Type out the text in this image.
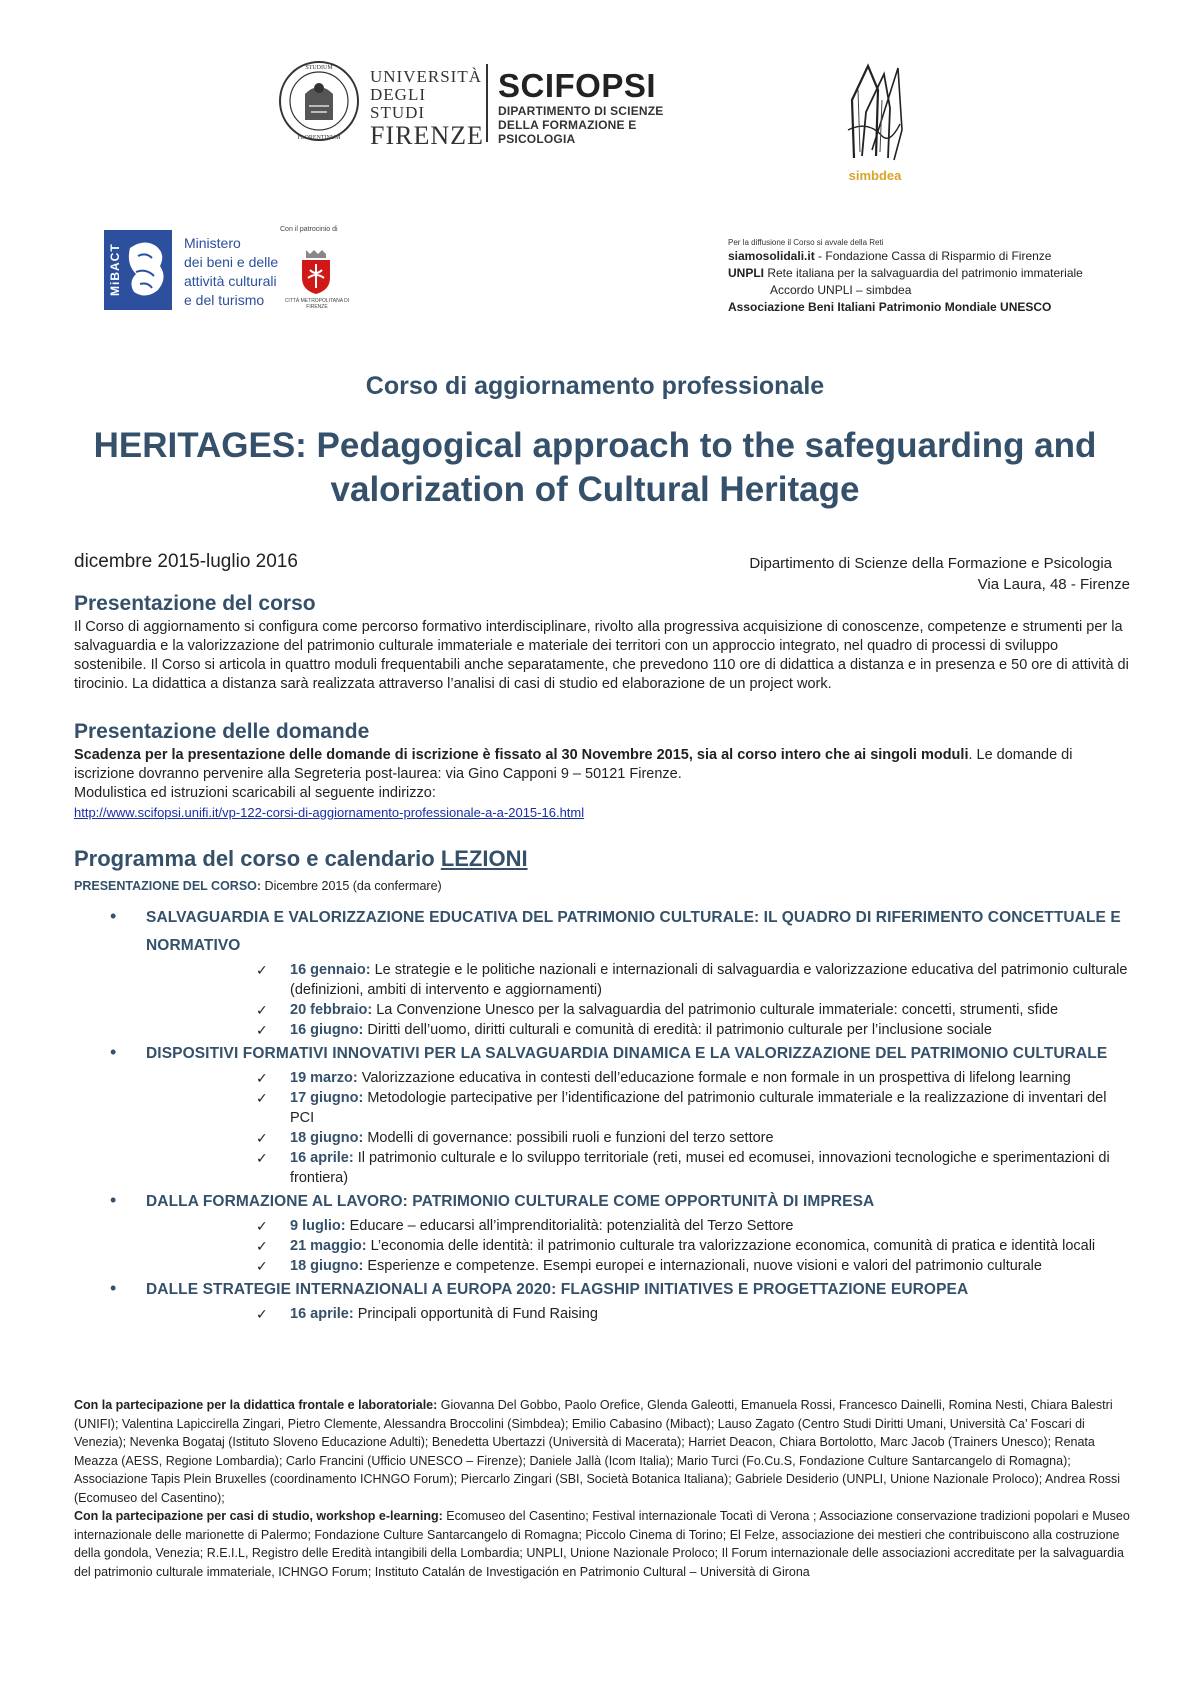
STUDIUM
FLORENTINUM
UNIVERSITÀ
DEGLI STUDI
FIRENZE
SCIFOPSI
DIPARTIMENTO DI SCIENZE
DELLA FORMAZIONE E PSICOLOGIA
simbdea
MiBACT
Ministero
dei beni e delle
attività culturali
e del turismo
Con il patrocinio di
CITTÀ METROPOLITANA DI FIRENZE
Per la diffusione il Corso si avvale della Reti
siamosolidali.it - Fondazione Cassa di Risparmio di Firenze
UNPLI Rete italiana per la salvaguardia del patrimonio immateriale
Accordo UNPLI – simbdea
Associazione Beni Italiani Patrimonio Mondiale UNESCO
Corso di aggiornamento professionale
HERITAGES: Pedagogical approach to the safeguarding and
valorization of Cultural Heritage
dicembre 2015-luglio 2016	Dipartimento di Scienze della Formazione e Psicologia
Via Laura, 48 - Firenze
Presentazione del corso
Il Corso di aggiornamento si configura come percorso formativo interdisciplinare, rivolto alla progressiva acquisizione di conoscenze, competenze e strumenti per la salvaguardia e la valorizzazione del patrimonio culturale immateriale e materiale dei territori con un approccio integrato, nel quadro di processi di sviluppo sostenibile. Il Corso si articola in quattro moduli frequentabili anche separatamente, che prevedono 110 ore di didattica a distanza e in presenza e 50 ore di attività di tirocinio. La didattica a distanza sarà realizzata attraverso l’analisi di casi di studio ed elaborazione de un project work.
Presentazione delle domande
Scadenza per la presentazione delle domande di iscrizione è fissato al 30 Novembre 2015, sia al corso intero che ai singoli moduli. Le domande di iscrizione dovranno pervenire alla Segreteria post-laurea: via Gino Capponi 9 – 50121 Firenze.
Modulistica ed istruzioni scaricabili al seguente indirizzo:
http://www.scifopsi.unifi.it/vp-122-corsi-di-aggiornamento-professionale-a-a-2015-16.html
Programma del corso e calendario LEZIONI
PRESENTAZIONE DEL CORSO: Dicembre 2015 (da confermare)
• SALVAGUARDIA E VALORIZZAZIONE EDUCATIVA DEL PATRIMONIO CULTURALE: IL QUADRO DI RIFERIMENTO CONCETTUALE E NORMATIVO
✓ 16 gennaio: Le strategie e le politiche nazionali e internazionali di salvaguardia e valorizzazione educativa del patrimonio culturale (definizioni, ambiti di intervento e aggiornamenti)
✓ 20 febbraio: La Convenzione Unesco per la salvaguardia del patrimonio culturale immateriale: concetti, strumenti, sfide
✓ 16 giugno: Diritti dell’uomo, diritti culturali e comunità di eredità: il patrimonio culturale per l’inclusione sociale
• DISPOSITIVI FORMATIVI INNOVATIVI PER LA SALVAGUARDIA DINAMICA E LA VALORIZZAZIONE DEL PATRIMONIO CULTURALE
✓ 19 marzo: Valorizzazione educativa in contesti dell’educazione formale e non formale in un prospettiva di lifelong learning
✓ 17 giugno: Metodologie partecipative per l’identificazione del patrimonio culturale immateriale e la realizzazione di inventari del PCI
✓ 18 giugno: Modelli di governance: possibili ruoli e funzioni del terzo settore
✓ 16 aprile: Il patrimonio culturale e lo sviluppo territoriale (reti, musei ed ecomusei, innovazioni tecnologiche e sperimentazioni di frontiera)
• DALLA FORMAZIONE AL LAVORO: PATRIMONIO CULTURALE COME OPPORTUNITÀ DI IMPRESA
✓ 9 luglio: Educare – educarsi all’imprenditorialità: potenzialità del Terzo Settore
✓ 21 maggio: L’economia delle identità: il patrimonio culturale tra valorizzazione economica, comunità di pratica e identità locali
✓ 18 giugno: Esperienze e competenze. Esempi europei e internazionali, nuove visioni e valori del patrimonio culturale
• DALLE STRATEGIE INTERNAZIONALI A EUROPA 2020: FLAGSHIP INITIATIVES E PROGETTAZIONE EUROPEA
✓ 16 aprile: Principali opportunità di Fund Raising
Con la partecipazione per la didattica frontale e laboratoriale: Giovanna Del Gobbo, Paolo Orefice, Glenda Galeotti, Emanuela Rossi, Francesco Dainelli, Romina Nesti, Chiara Balestri (UNIFI); Valentina Lapiccirella Zingari, Pietro Clemente, Alessandra Broccolini (Simbdea); Emilio Cabasino (Mibact); Lauso Zagato (Centro Studi Diritti Umani, Università Ca’ Foscari di Venezia); Nevenka Bogataj (Istituto Sloveno Educazione Adulti); Benedetta Ubertazzi (Università di Macerata); Harriet Deacon, Chiara Bortolotto, Marc Jacob (Trainers Unesco); Renata Meazza (AESS, Regione Lombardia); Carlo Francini (Ufficio UNESCO – Firenze); Daniele Jallà (Icom Italia); Mario Turci (Fo.Cu.S, Fondazione Culture Santarcangelo di Romagna); Associazione Tapis Plein Bruxelles (coordinamento ICHNGO Forum); Piercarlo Zingari (SBI, Società Botanica Italiana); Gabriele Desiderio (UNPLI, Unione Nazionale Proloco); Andrea Rossi (Ecomuseo del Casentino);
Con la partecipazione per casi di studio, workshop e-learning: Ecomuseo del Casentino; Festival internazionale Tocatì di Verona ; Associazione conservazione tradizioni popolari e Museo internazionale delle marionette di Palermo; Fondazione Culture Santarcangelo di Romagna; Piccolo Cinema di Torino; El Felze, associazione dei mestieri che contribuiscono alla costruzione della gondola, Venezia; R.E.I.L, Registro delle Eredità intangibili della Lombardia; UNPLI, Unione Nazionale Proloco; Il Forum internazionale delle associazioni accreditate per la salvaguardia del patrimonio culturale immateriale, ICHNGO Forum; Instituto Catalán de Investigación en Patrimonio Cultural – Università di Girona
